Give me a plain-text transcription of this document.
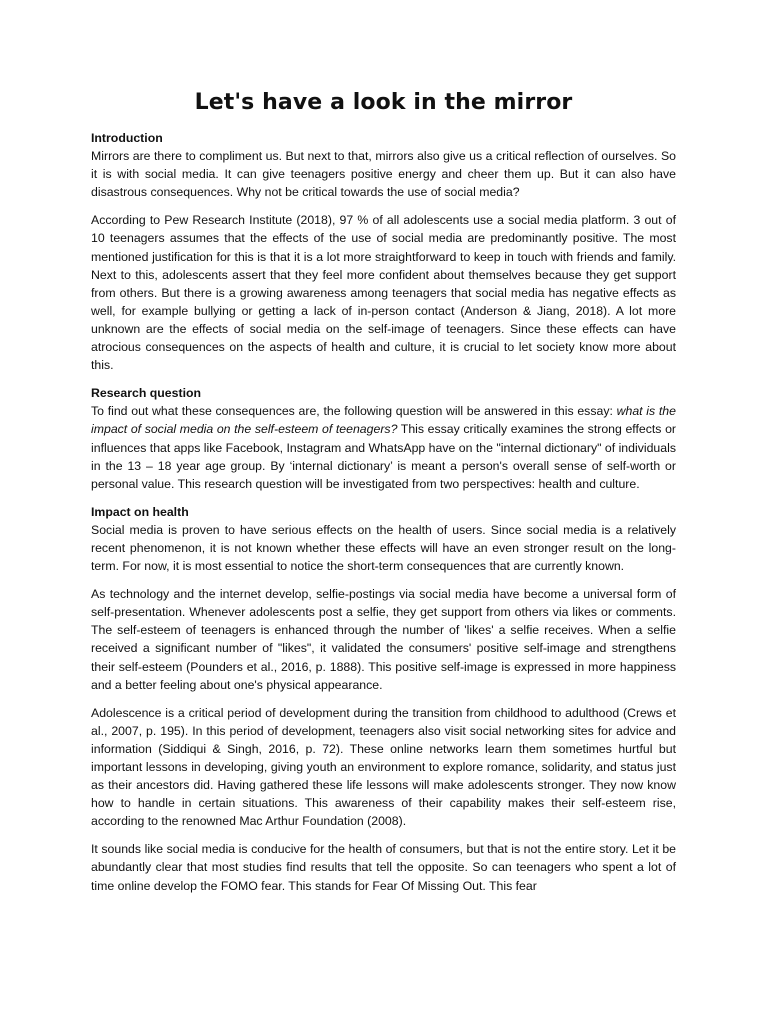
Let's have a look in the mirror
Introduction

Mirrors are there to compliment us. But next to that, mirrors also give us a critical reflection of ourselves. So it is with social media. It can give teenagers positive energy and cheer them up. But it can also have disastrous consequences. Why not be critical towards the use of social media?

According to Pew Research Institute (2018), 97 % of all adolescents use a social media platform. 3 out of 10 teenagers assumes that the effects of the use of social media are predominantly positive. The most mentioned justification for this is that it is a lot more straightforward to keep in touch with friends and family. Next to this, adolescents assert that they feel more confident about themselves because they get support from others. But there is a growing awareness among teenagers that social media has negative effects as well, for example bullying or getting a lack of in-person contact (Anderson & Jiang, 2018). A lot more unknown are the effects of social media on the self-image of teenagers. Since these effects can have atrocious consequences on the aspects of health and culture, it is crucial to let society know more about this.

Research question

To find out what these consequences are, the following question will be answered in this essay: what is the impact of social media on the self-esteem of teenagers? This essay critically examines the strong effects or influences that apps like Facebook, Instagram and WhatsApp have on the "internal dictionary" of individuals in the 13 – 18 year age group. By ‘internal dictionary’ is meant a person's overall sense of self-worth or personal value. This research question will be investigated from two perspectives: health and culture.

Impact on health

Social media is proven to have serious effects on the health of users. Since social media is a relatively recent phenomenon, it is not known whether these effects will have an even stronger result on the long-term. For now, it is most essential to notice the short-term consequences that are currently known.

As technology and the internet develop, selfie-postings via social media have become a universal form of self-presentation. Whenever adolescents post a selfie, they get support from others via likes or comments. The self-esteem of teenagers is enhanced through the number of 'likes' a selfie receives. When a selfie received a significant number of "likes", it validated the consumers' positive self-image and strengthens their self-esteem (Pounders et al., 2016, p. 1888). This positive self-image is expressed in more happiness and a better feeling about one's physical appearance.

Adolescence is a critical period of development during the transition from childhood to adulthood (Crews et al., 2007, p. 195). In this period of development, teenagers also visit social networking sites for advice and information (Siddiqui & Singh, 2016, p. 72). These online networks learn them sometimes hurtful but important lessons in developing, giving youth an environment to explore romance, solidarity, and status just as their ancestors did. Having gathered these life lessons will make adolescents stronger. They now know how to handle in certain situations. This awareness of their capability makes their self-esteem rise, according to the renowned Mac Arthur Foundation (2008).

It sounds like social media is conducive for the health of consumers, but that is not the entire story. Let it be abundantly clear that most studies find results that tell the opposite. So can teenagers who spent a lot of time online develop the FOMO fear. This stands for Fear Of Missing Out. This fear
